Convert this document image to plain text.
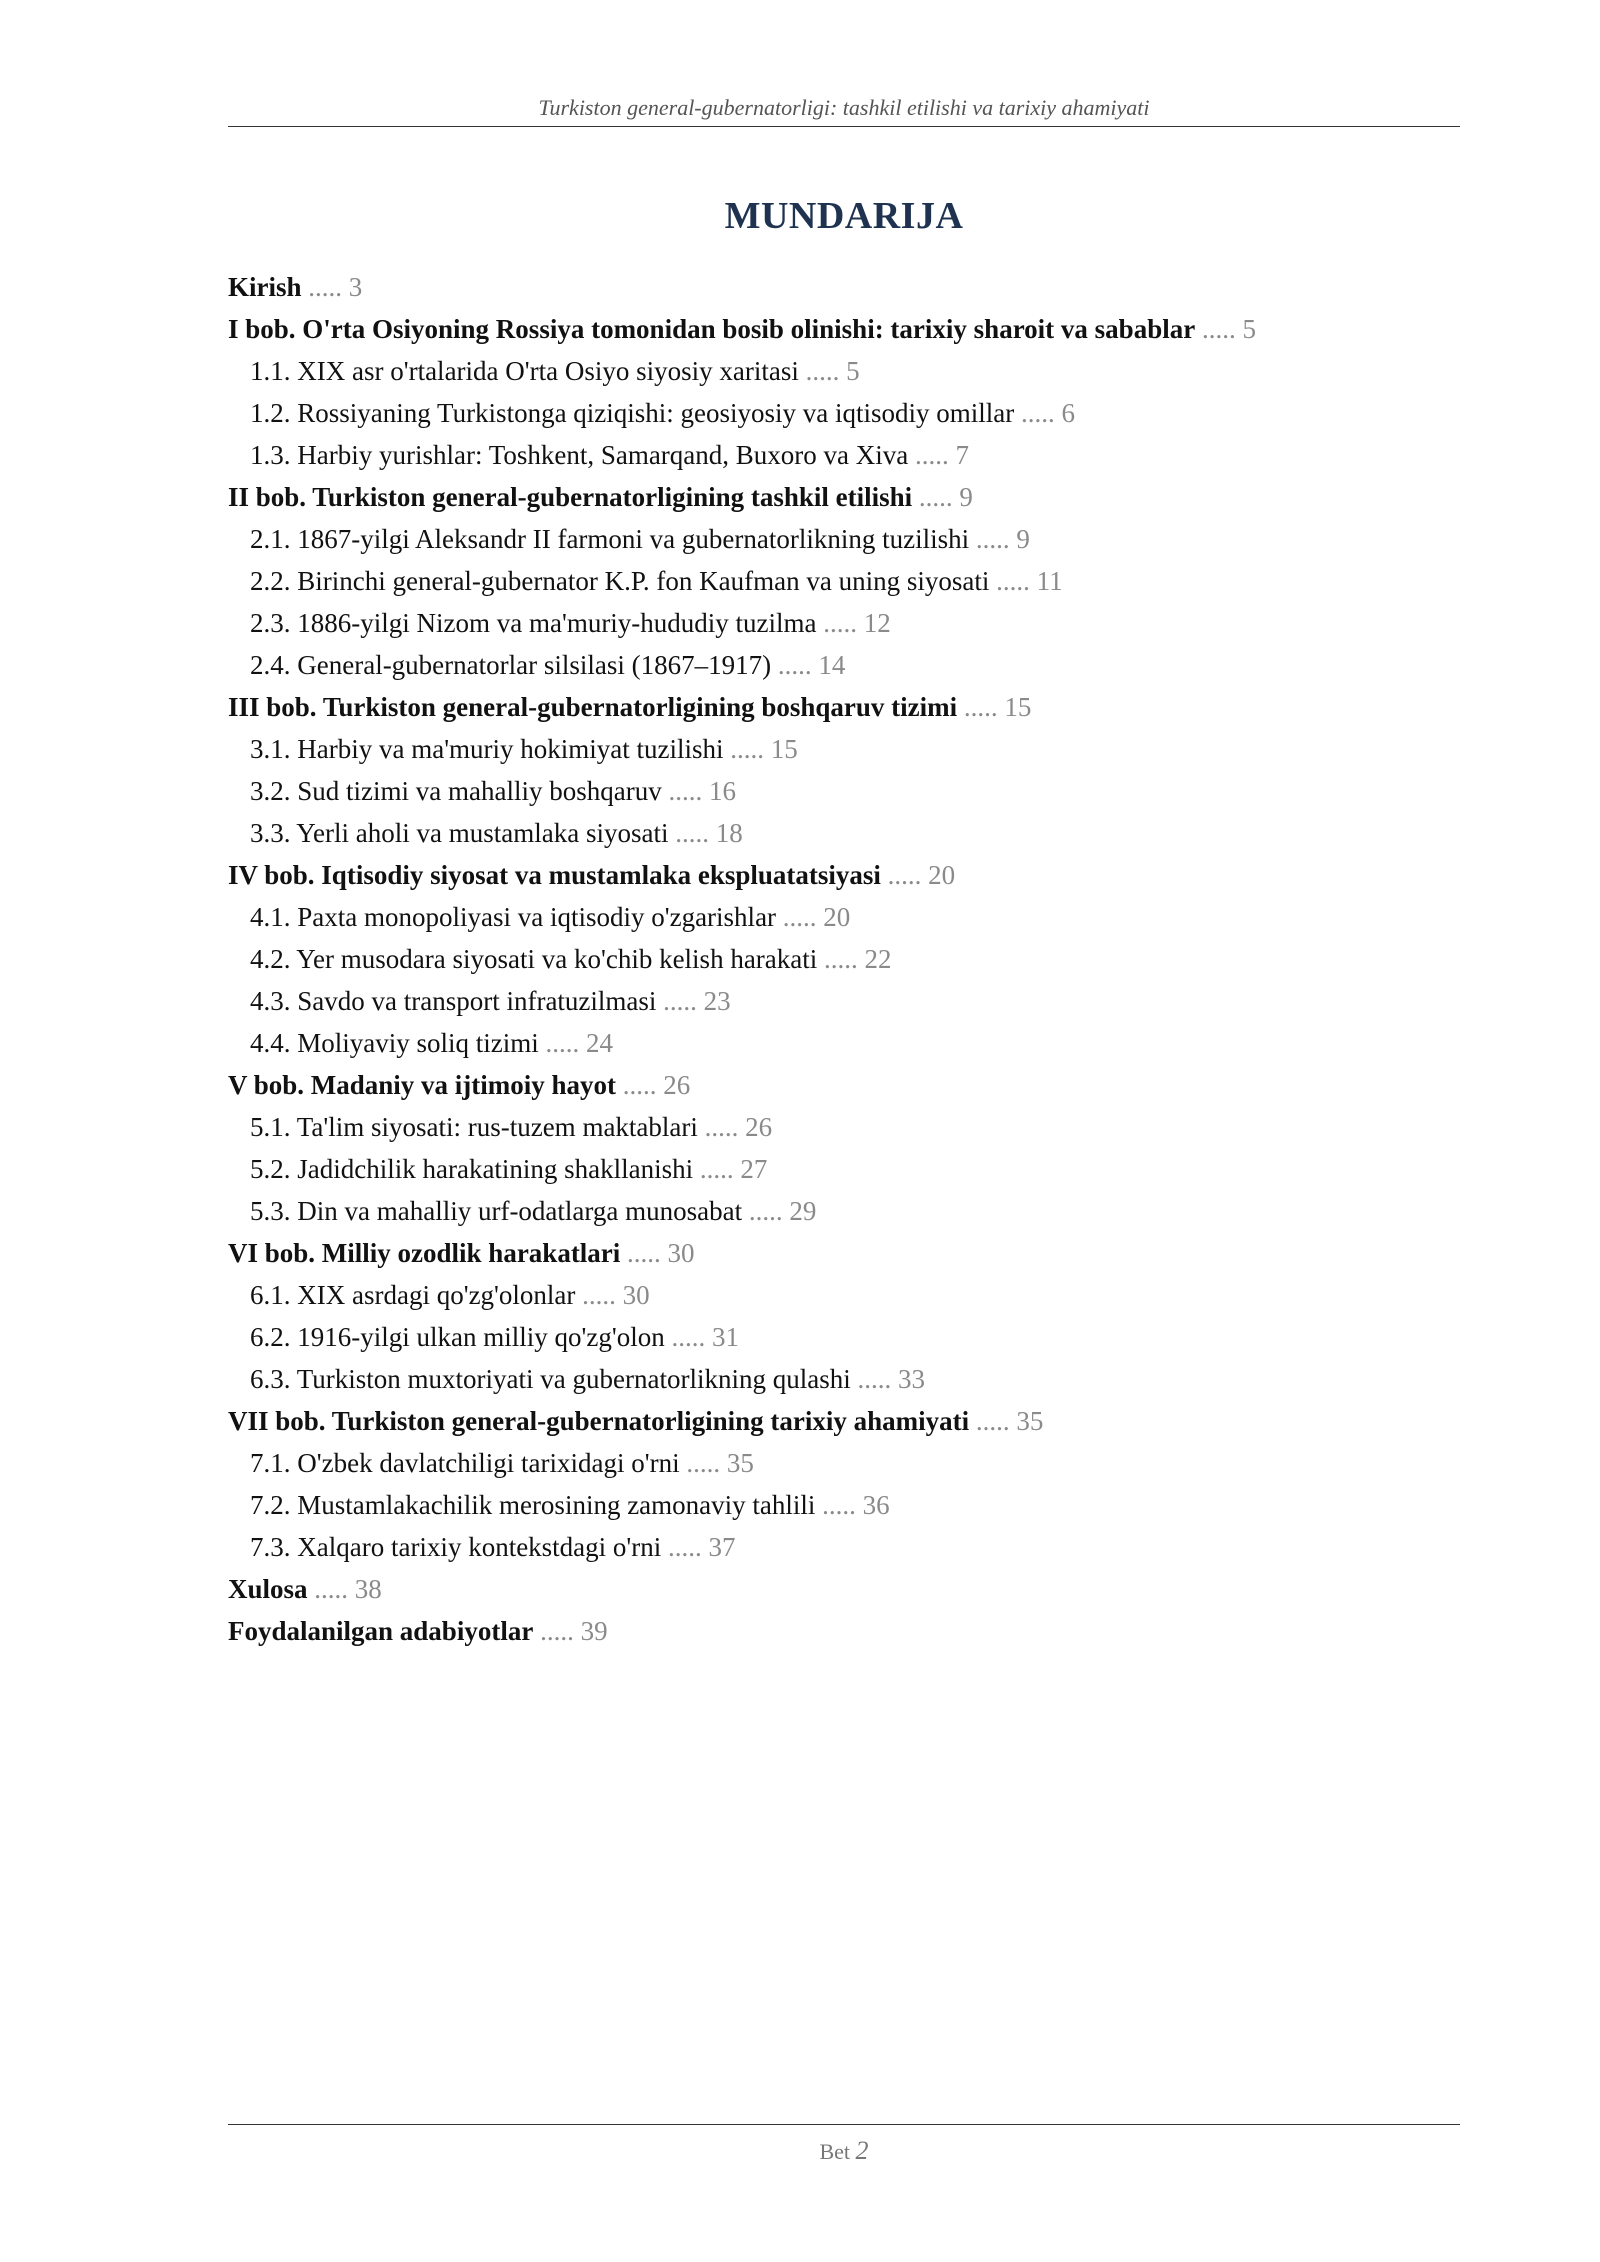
Turkiston general-gubernatorligi: tashkil etilishi va tarixiy ahamiyati
MUNDARIJA
Kirish ..... 3
I bob. O'rta Osiyoning Rossiya tomonidan bosib olinishi: tarixiy sharoit va sabablar ..... 5
1.1. XIX asr o'rtalarida O'rta Osiyo siyosiy xaritasi ..... 5
1.2. Rossiyaning Turkistonga qiziqishi: geosiyosiy va iqtisodiy omillar ..... 6
1.3. Harbiy yurishlar: Toshkent, Samarqand, Buxoro va Xiva ..... 7
II bob. Turkiston general-gubernatorligining tashkil etilishi ..... 9
2.1. 1867-yilgi Aleksandr II farmoni va gubernatorlikning tuzilishi ..... 9
2.2. Birinchi general-gubernator K.P. fon Kaufman va uning siyosati ..... 11
2.3. 1886-yilgi Nizom va ma'muriy-hududiy tuzilma ..... 12
2.4. General-gubernatorlar silsilasi (1867–1917) ..... 14
III bob. Turkiston general-gubernatorligining boshqaruv tizimi ..... 15
3.1. Harbiy va ma'muriy hokimiyat tuzilishi ..... 15
3.2. Sud tizimi va mahalliy boshqaruv ..... 16
3.3. Yerli aholi va mustamlaka siyosati ..... 18
IV bob. Iqtisodiy siyosat va mustamlaka ekspluatatsiyasi ..... 20
4.1. Paxta monopoliyasi va iqtisodiy o'zgarishlar ..... 20
4.2. Yer musodara siyosati va ko'chib kelish harakati ..... 22
4.3. Savdo va transport infratuzilmasi ..... 23
4.4. Moliyaviy soliq tizimi ..... 24
V bob. Madaniy va ijtimoiy hayot ..... 26
5.1. Ta'lim siyosati: rus-tuzem maktablari ..... 26
5.2. Jadidchilik harakatining shakllanishi ..... 27
5.3. Din va mahalliy urf-odatlarga munosabat ..... 29
VI bob. Milliy ozodlik harakatlari ..... 30
6.1. XIX asrdagi qo'zg'olonlar ..... 30
6.2. 1916-yilgi ulkan milliy qo'zg'olon ..... 31
6.3. Turkiston muxtoriyati va gubernatorlikning qulashi ..... 33
VII bob. Turkiston general-gubernatorligining tarixiy ahamiyati ..... 35
7.1. O'zbek davlatchiligi tarixidagi o'rni ..... 35
7.2. Mustamlakachilik merosining zamonaviy tahlili ..... 36
7.3. Xalqaro tarixiy kontekstdagi o'rni ..... 37
Xulosa ..... 38
Foydalanilgan adabiyotlar ..... 39
Bet 2
